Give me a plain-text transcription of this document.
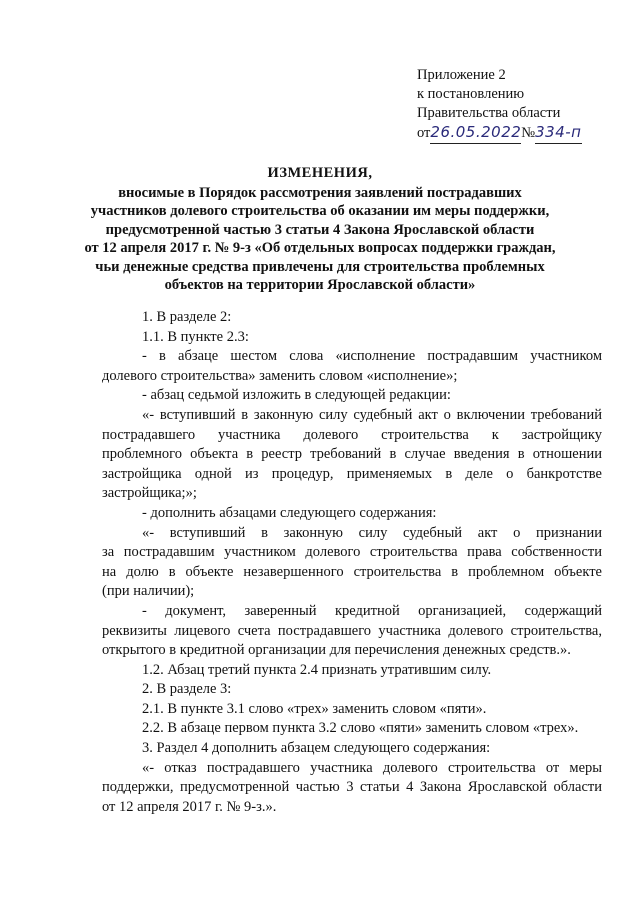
Приложение 2
к постановлению
Правительства области
от26.05.2022№334-п
ИЗМЕНЕНИЯ,
вносимые в Порядок рассмотрения заявлений пострадавших
участников долевого строительства об оказании им меры поддержки,
предусмотренной частью 3 статьи 4 Закона Ярославской области
от 12 апреля 2017 г. № 9-з «Об отдельных вопросах поддержки граждан,
чьи денежные средства привлечены для строительства проблемных
объектов на территории Ярославской области»
1. В разделе 2:
1.1. В пункте 2.3:
- в абзаце шестом слова «исполнение пострадавшим участником
долевого строительства» заменить словом «исполнение»;
- абзац седьмой изложить в следующей редакции:
«- вступивший в законную силу судебный акт о включении требований
пострадавшего участника долевого строительства к застройщику
проблемного объекта в реестр требований в случае введения в отношении
застройщика одной из процедур, применяемых в деле о банкротстве
застройщика;»;
- дополнить абзацами следующего содержания:
«- вступивший в законную силу судебный акт о признании
за пострадавшим участником долевого строительства права собственности
на долю в объекте незавершенного строительства в проблемном объекте
(при наличии);
- документ, заверенный кредитной организацией, содержащий
реквизиты лицевого счета пострадавшего участника долевого строительства,
открытого в кредитной организации для перечисления денежных средств.».
1.2. Абзац третий пункта 2.4 признать утратившим силу.
2. В разделе 3:
2.1. В пункте 3.1 слово «трех» заменить словом «пяти».
2.2. В абзаце первом пункта 3.2 слово «пяти» заменить словом «трех».
3. Раздел 4 дополнить абзацем следующего содержания:
«- отказ пострадавшего участника долевого строительства от меры
поддержки, предусмотренной частью 3 статьи 4 Закона Ярославской области
от 12 апреля 2017 г. № 9-з.».
